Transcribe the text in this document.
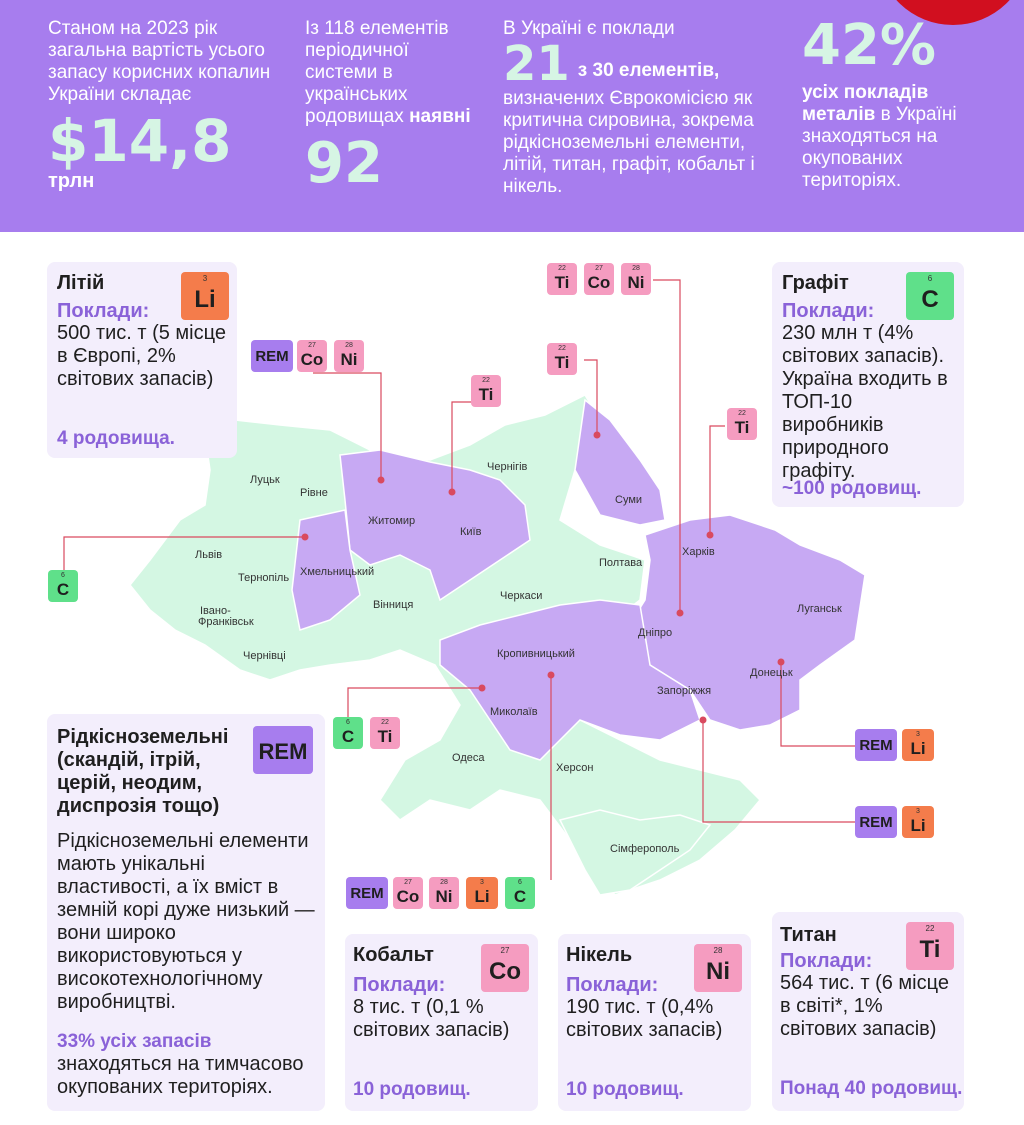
Станом на 2023 рік загальна вартість усього запасу корисних копалин України складає
$14,8
трлн
Із 118 елементів періодичної системи в українських родовищах наявні
92
В Україні є поклади
21 з 30 елементів,
визначених Єврокомісією як критична сировина, зокрема рідкісноземельні елементи, літій, титан, графіт, кобальт і нікель.
42%
усіх покладів металів в Україні знаходяться на окупованих територіях.
Луцьк
Рівне
Львів
Тернопіль
Івано-
Франківськ
Чернівці
Хмельницький
Житомир
Вінниця
Київ
Чернігів
Суми
Полтава
Черкаси
Харків
Луганськ
Дніпро
Кропивницький
Донецьк
Запоріжжя
Миколаїв
Одеса
Херсон
Сімферополь
22
Ti
27
Co
28
Ni
REM
27
Co
28
Ni
22
Ti
22
Ti
22
Ti
6
C
6
C
22
Ti	REM
3
Li
REM
3
Li
REM
27
Co
28
Ni
3
Li
6
C
Літій	3
Li
Поклади:
500 тис. т (5 місце в Європі, 2% світових запасів)
4 родовища.
Графіт	6
C
Поклади:
230 млн т (4% світових запасів). Україна входить в ТОП-10 виробників природного графіту.
~100 родовищ.
Рідкісноземельні (скандій, ітрій, церій, неодим, диспрозія тощо)
REM
Рідкісноземельні елементи мають унікальні властивості, а їх вміст в земній корі дуже низький — вони широко використовуються у високотехнологічному виробництві.
33% усіх запасів знаходяться на тимчасово окупованих територіях.
Кобальт	27
Co
Поклади:
8 тис. т (0,1 % світових запасів)
10 родовищ.
Нікель	28
Ni
Поклади:
190 тис. т (0,4% світових запасів)
10 родовищ.
Титан	22
Ti
Поклади:
564 тис. т (6 місце в світі*, 1% світових запасів)
Понад 40 родовищ.
